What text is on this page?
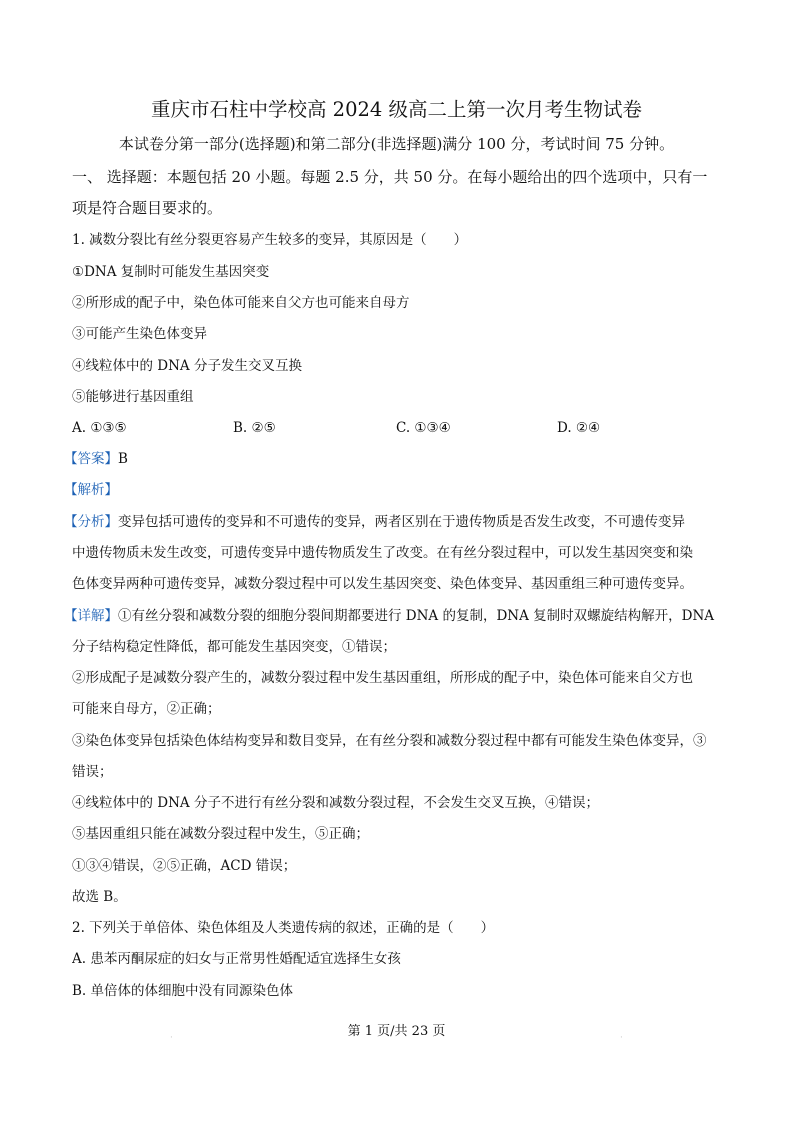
重庆市石柱中学校高 2024 级高二上第一次月考生物试卷
本试卷分第一部分(选择题)和第二部分(非选择题)满分 100 分，考试时间 75 分钟。
一、 选择题：本题包括 20 小题。每题 2.5 分，共 50 分。在每小题给出的四个选项中，只有一
项是符合题目要求的。
1. 减数分裂比有丝分裂更容易产生较多的变异，其原因是（　　）
①DNA 复制时可能发生基因突变
②所形成的配子中，染色体可能来自父方也可能来自母方
③可能产生染色体变异
④线粒体中的 DNA 分子发生交叉互换
⑤能够进行基因重组
A. ①③⑤	B. ②⑤	C. ①③④	D. ②④
【答案】B
【解析】
【分析】变异包括可遗传的变异和不可遗传的变异，两者区别在于遗传物质是否发生改变，不可遗传变异
中遗传物质未发生改变，可遗传变异中遗传物质发生了改变。在有丝分裂过程中，可以发生基因突变和染
色体变异两种可遗传变异，减数分裂过程中可以发生基因突变、染色体变异、基因重组三种可遗传变异。
【详解】①有丝分裂和减数分裂的细胞分裂间期都要进行 DNA 的复制，DNA 复制时双螺旋结构解开，DNA
分子结构稳定性降低，都可能发生基因突变，①错误；
②形成配子是减数分裂产生的，减数分裂过程中发生基因重组，所形成的配子中，染色体可能来自父方也
可能来自母方，②正确；
③染色体变异包括染色体结构变异和数目变异，在有丝分裂和减数分裂过程中都有可能发生染色体变异，③
错误；
④线粒体中的 DNA 分子不进行有丝分裂和减数分裂过程，不会发生交叉互换，④错误；
⑤基因重组只能在减数分裂过程中发生，⑤正确；
①③④错误，②⑤正确，ACD 错误；
故选 B。
2. 下列关于单倍体、染色体组及人类遗传病的叙述，正确的是（　　）
A. 患苯丙酮尿症的妇女与正常男性婚配适宜选择生女孩
B. 单倍体的体细胞中没有同源染色体
第 1 页/共 23 页
·	·
